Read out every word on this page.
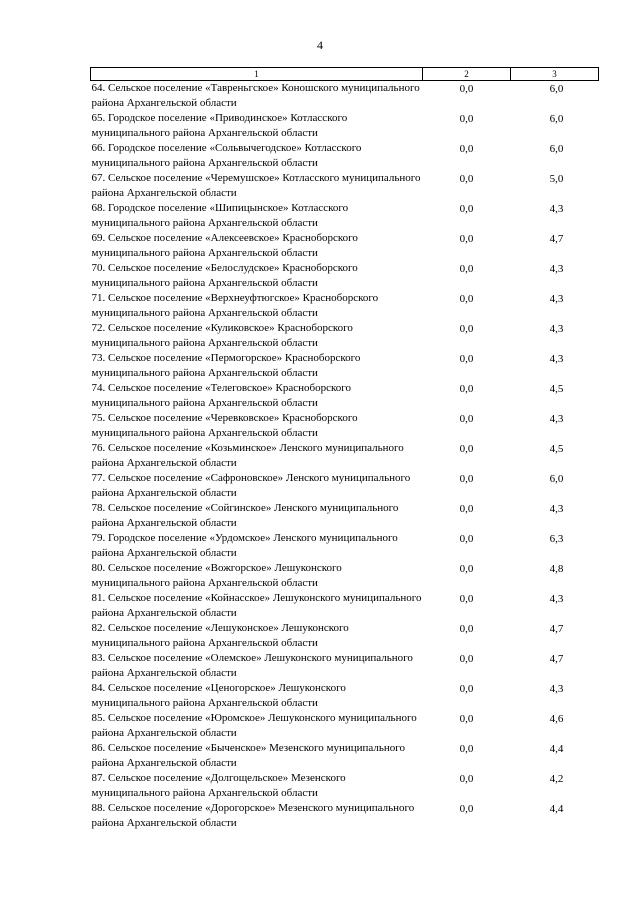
4
1	2	3
64. Сельское поселение «Тавреньгское» Коношского муниципального района Архангельской области	0,0	6,0
65. Городское поселение «Приводинское» Котласского муниципального района Архангельской области	0,0	6,0
66. Городское поселение «Сольвычегодское» Котласского муниципального района Архангельской области	0,0	6,0
67. Сельское поселение «Черемушское» Котласского муниципального района Архангельской области	0,0	5,0
68. Городское поселение «Шипицынское» Котласского муниципального района Архангельской области	0,0	4,3
69. Сельское поселение «Алексеевское» Красноборского муниципального района Архангельской области	0,0	4,7
70. Сельское поселение «Белослудское» Красноборского муниципального района Архангельской области	0,0	4,3
71. Сельское поселение «Верхнеуфтюгское» Красноборского муниципального района Архангельской области	0,0	4,3
72. Сельское поселение «Куликовское» Красноборского муниципального района Архангельской области	0,0	4,3
73. Сельское поселение «Пермогорское» Красноборского муниципального района Архангельской области	0,0	4,3
74. Сельское поселение «Телеговское» Красноборского муниципального района Архангельской области	0,0	4,5
75. Сельское поселение «Черевковское» Красноборского муниципального района Архангельской области	0,0	4,3
76. Сельское поселение «Козьминское» Ленского муниципального района Архангельской области	0,0	4,5
77. Сельское поселение «Сафроновское» Ленского муниципального района Архангельской области	0,0	6,0
78. Сельское поселение «Сойгинское» Ленского муниципального района Архангельской области	0,0	4,3
79. Городское поселение «Урдомское» Ленского муниципального района Архангельской области	0,0	6,3
80. Сельское поселение «Вожгорское» Лешуконского муниципального района Архангельской области	0,0	4,8
81. Сельское поселение «Койнасское» Лешуконского муниципального района Архангельской области	0,0	4,3
82. Сельское поселение «Лешуконское» Лешуконского муниципального района Архангельской области	0,0	4,7
83. Сельское поселение «Олемское» Лешуконского муниципального района Архангельской области	0,0	4,7
84. Сельское поселение «Ценогорское» Лешуконского муниципального района Архангельской области	0,0	4,3
85. Сельское поселение «Юромское» Лешуконского муниципального района Архангельской области	0,0	4,6
86. Сельское поселение «Быченское» Мезенского муниципального района Архангельской области	0,0	4,4
87. Сельское поселение «Долгощельское» Мезенского муниципального района Архангельской области	0,0	4,2
88. Сельское поселение «Дорогорское» Мезенского муниципального района Архангельской области	0,0	4,4
